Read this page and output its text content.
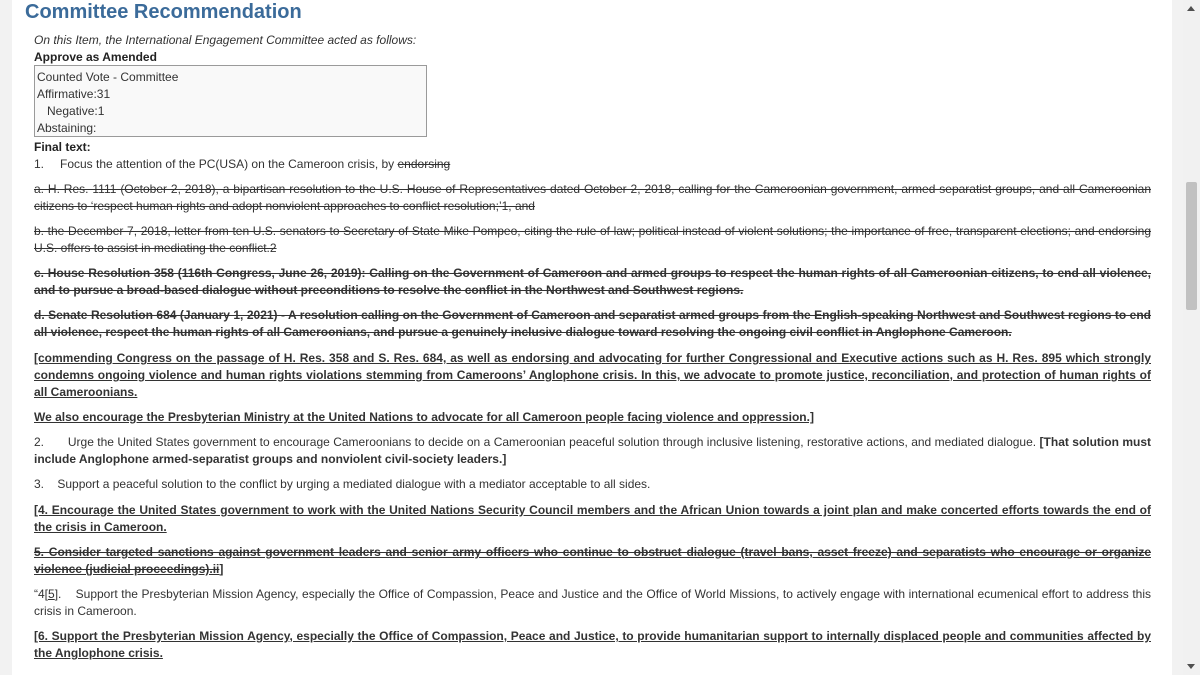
Committee Recommendation
On this Item, the International Engagement Committee acted as follows:
Approve as Amended
Counted Vote - Committee
Affirmative:31
Negative:1
Abstaining:
Final text:
1. Focus the attention of the PC(USA) on the Cameroon crisis, by endorsing

a. H. Res. 1111 (October 2, 2018), a bipartisan resolution to the U.S. House of Representatives dated October 2, 2018, calling for the Cameroonian government, armed separatist groups, and all Cameroonian citizens to ‘respect human rights and adopt nonviolent approaches to conflict resolution;’1, and

b. the December 7, 2018, letter from ten U.S. senators to Secretary of State Mike Pompeo, citing the rule of law; political instead of violent solutions; the importance of free, transparent elections; and endorsing U.S. offers to assist in mediating the conflict.2

c. House Resolution 358 (116th Congress, June 26, 2019): Calling on the Government of Cameroon and armed groups to respect the human rights of all Cameroonian citizens, to end all violence, and to pursue a broad-based dialogue without preconditions to resolve the conflict in the Northwest and Southwest regions.

d. Senate Resolution 684 (January 1, 2021) - A resolution calling on the Government of Cameroon and separatist armed groups from the English-speaking Northwest and Southwest regions to end all violence, respect the human rights of all Cameroonians, and pursue a genuinely inclusive dialogue toward resolving the ongoing civil conflict in Anglophone Cameroon.

[commending Congress on the passage of H. Res. 358 and S. Res. 684, as well as endorsing and advocating for further Congressional and Executive actions such as H. Res. 895 which strongly condemns ongoing violence and human rights violations stemming from Cameroons’ Anglophone crisis. In this, we advocate to promote justice, reconciliation, and protection of human rights of all Cameroonians.

We also encourage the Presbyterian Ministry at the United Nations to advocate for all Cameroon people facing violence and oppression.]

2. Urge the United States government to encourage Cameroonians to decide on a Cameroonian peaceful solution through inclusive listening, restorative actions, and mediated dialogue. [That solution must include Anglophone armed-separatist groups and nonviolent civil-society leaders.]

3. Support a peaceful solution to the conflict by urging a mediated dialogue with a mediator acceptable to all sides.

[4. Encourage the United States government to work with the United Nations Security Council members and the African Union towards a joint plan and make concerted efforts towards the end of the crisis in Cameroon.

5. Consider targeted sanctions against government leaders and senior army officers who continue to obstruct dialogue (travel bans, asset freeze) and separatists who encourage or organize violence (judicial proceedings).ii]

“4[5]. Support the Presbyterian Mission Agency, especially the Office of Compassion, Peace and Justice and the Office of World Missions, to actively engage with international ecumenical effort to address this crisis in Cameroon.

[6. Support the Presbyterian Mission Agency, especially the Office of Compassion, Peace and Justice, to provide humanitarian support to internally displaced people and communities affected by the Anglophone crisis.
